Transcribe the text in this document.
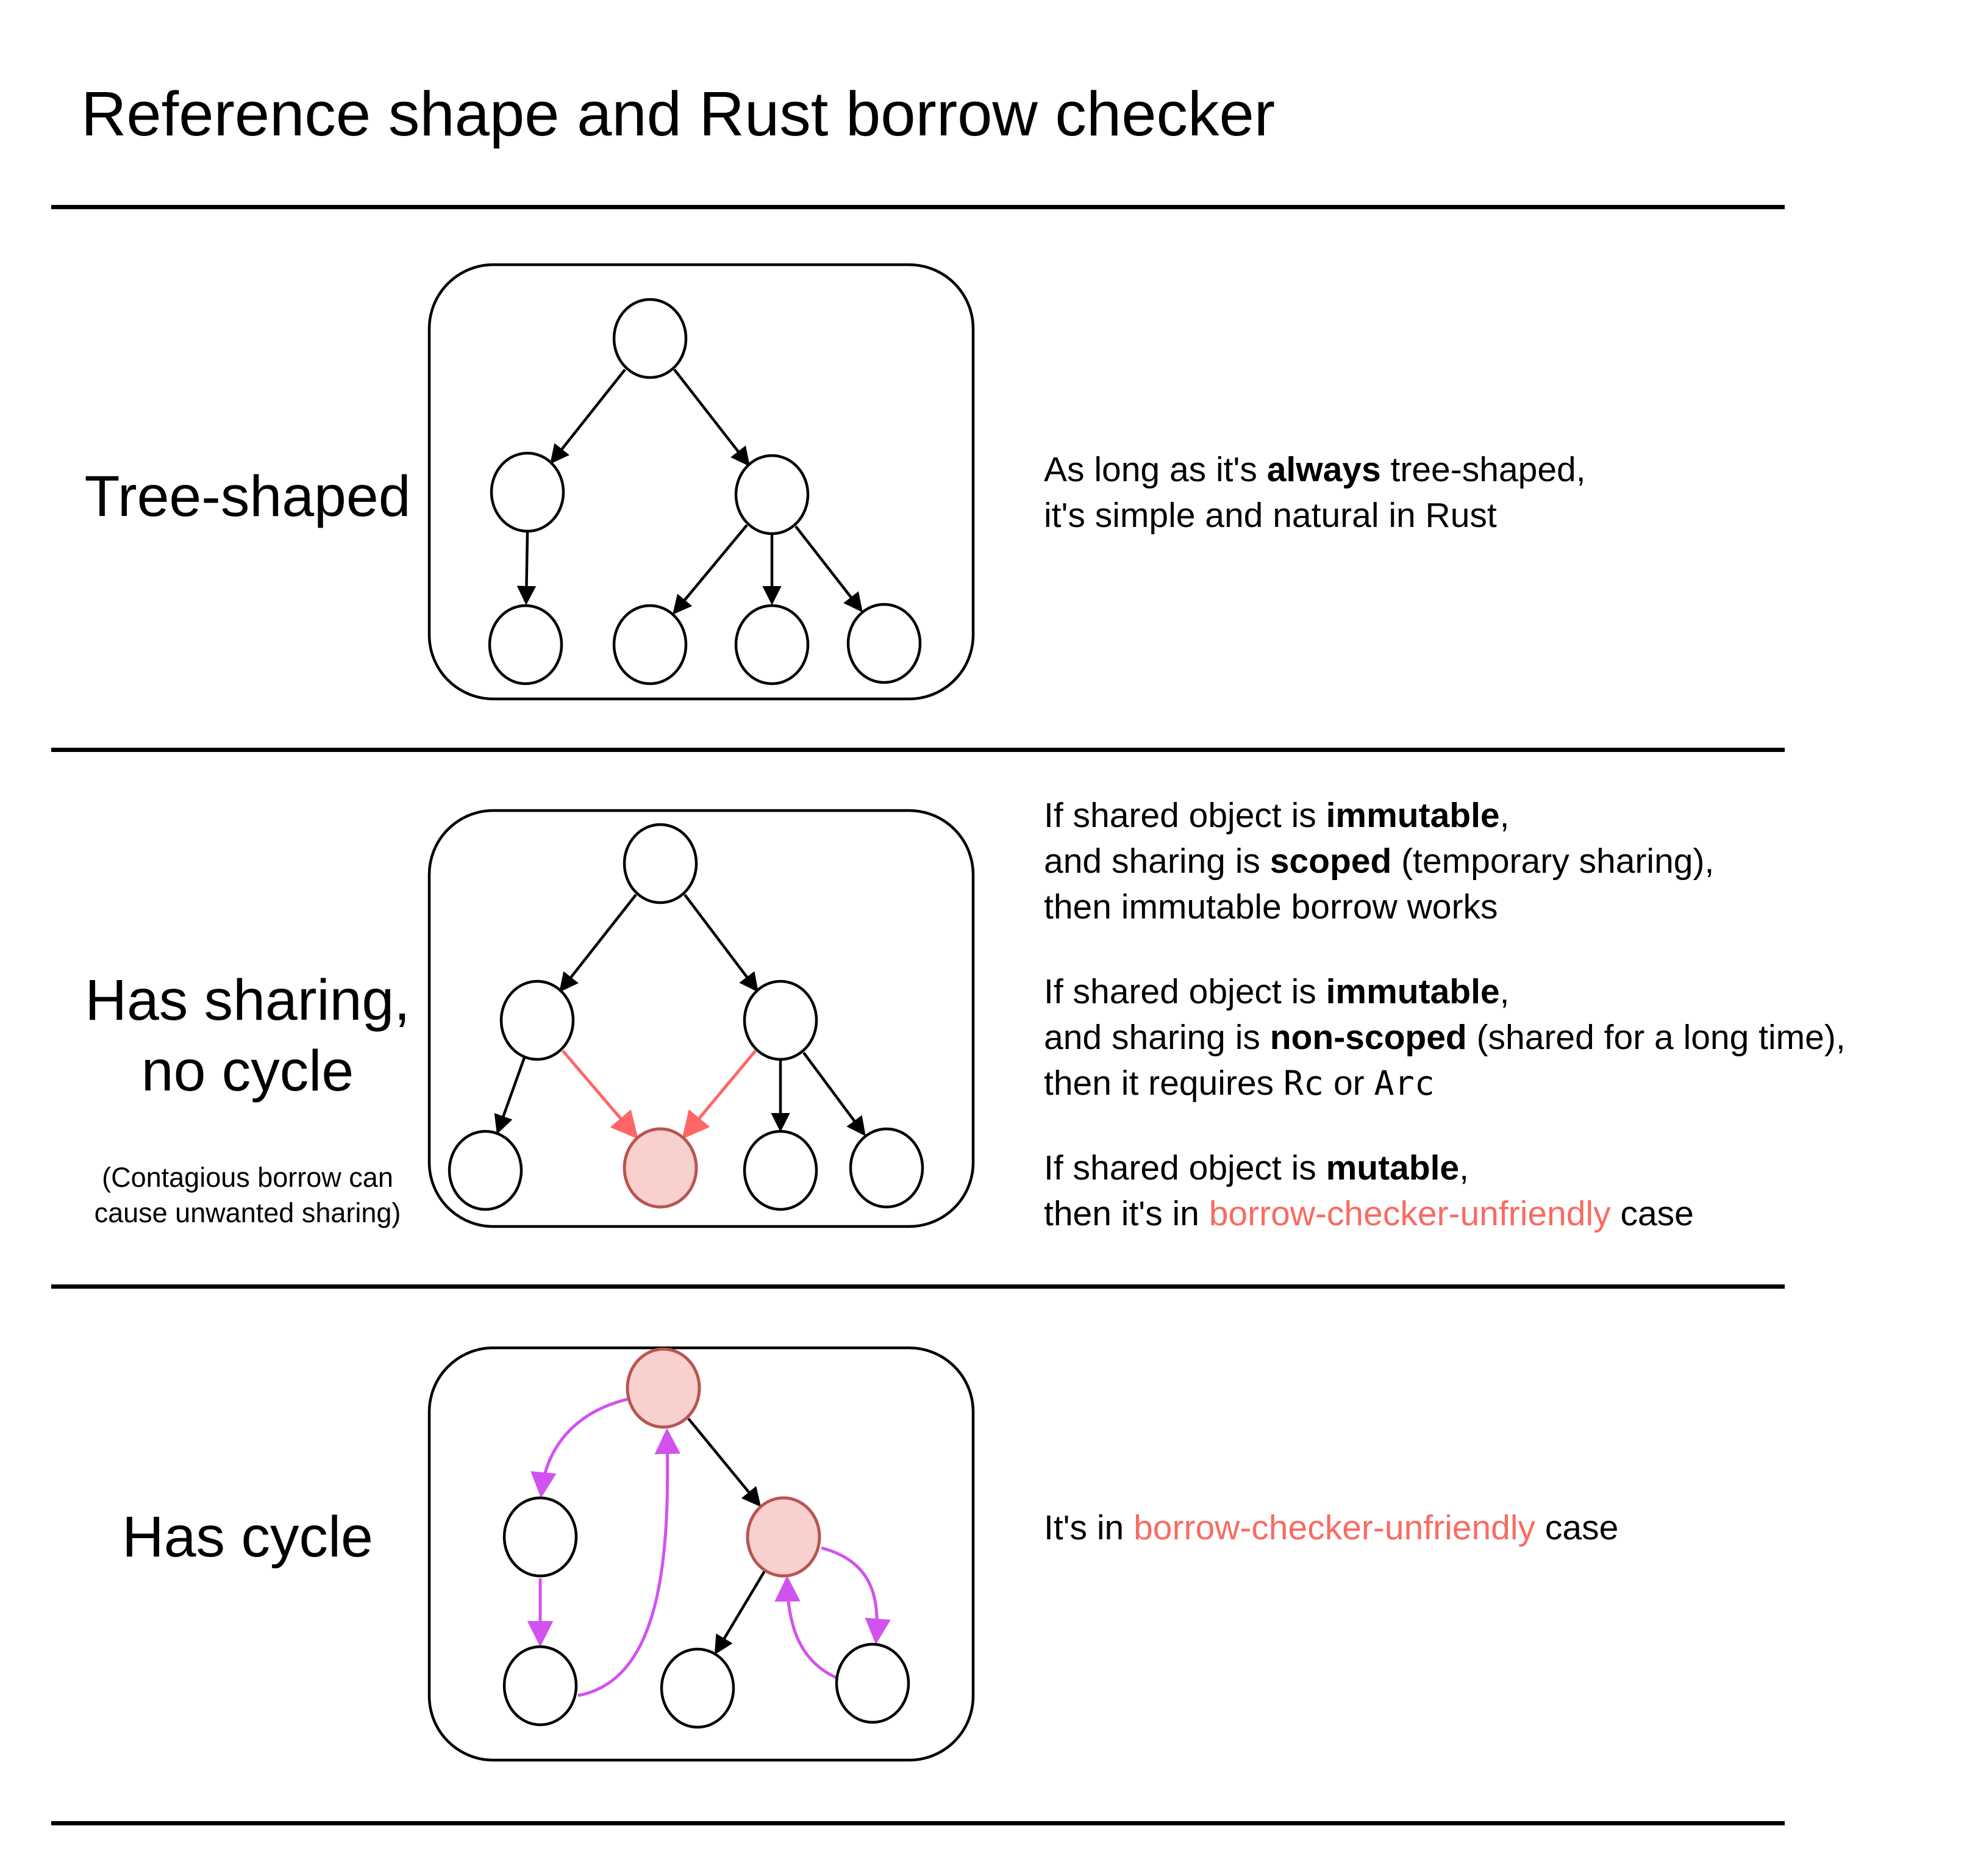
Reference shape and Rust borrow checker
Tree-shaped	As long as it's always tree-shaped,
it's simple and natural in Rust

Has sharing,
no cycle
(Contagious borrow can
cause unwanted sharing)

If shared object is immutable,
and sharing is scoped (temporary sharing),
then immutable borrow works

If shared object is immutable,
and sharing is non-scoped (shared for a long time),
then it requires Rc or Arc

If shared object is mutable,
then it's in borrow-checker-unfriendly case

Has cycle	It's in borrow-checker-unfriendly case
